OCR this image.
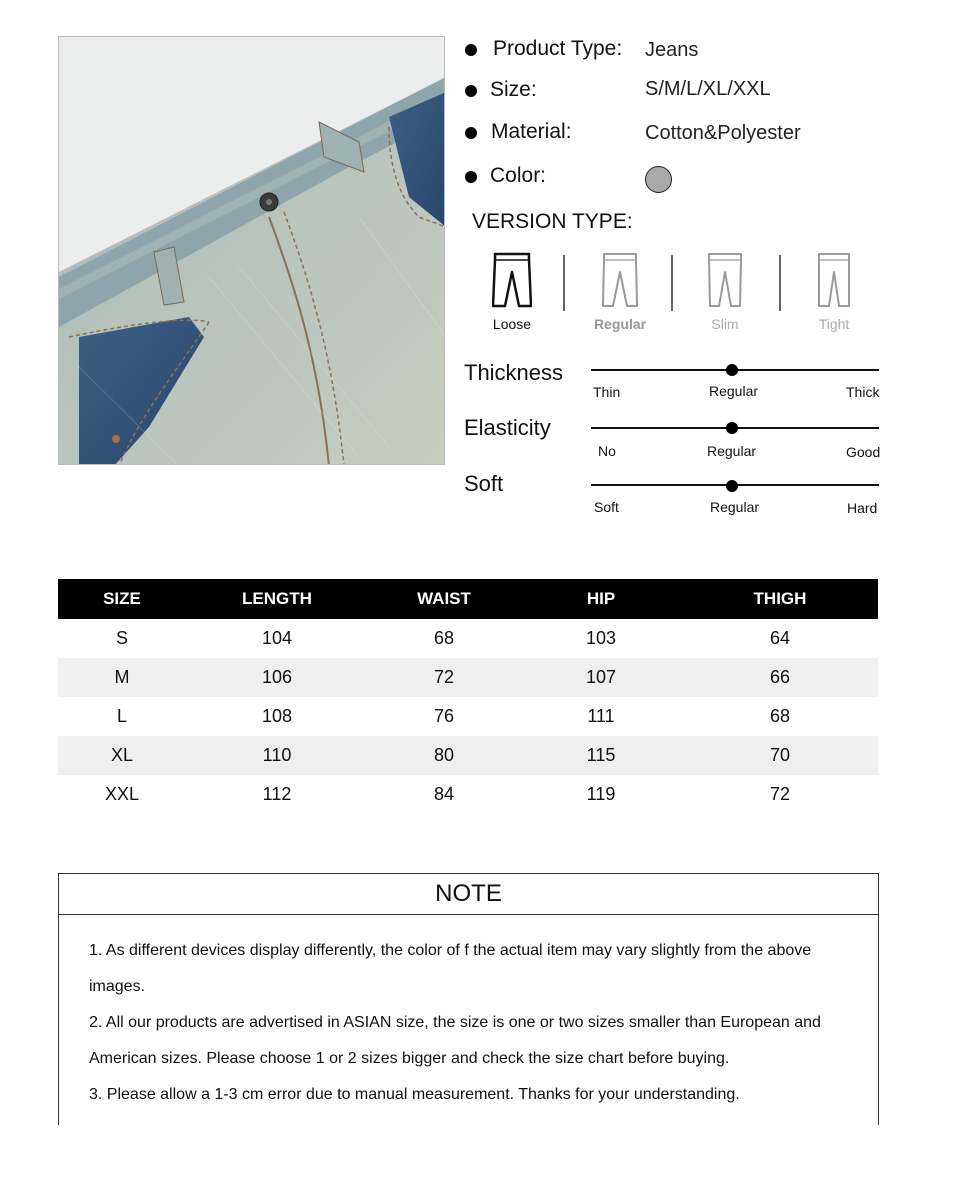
Product Type: Jeans
Size:	S/M/L/XL/XXL
Material:	Cotton&Polyester
Color:
VERSION TYPE:
Loose	Regular	Slim	Tight
Thickness
Thin	Regular	Thick
Elasticity
No	Regular	Good
Soft
Soft	Regular	Hard
SIZE	LENGTH	WAIST	HIP	THIGH
S	104	68	103	64
M	106	72	107	66
L	108	76	111	68
XL	110	80	115	70
XXL	112	84	119	72
NOTE

1. As different devices display differently, the color of f the actual item may vary slightly from the above images.

2. All our products are advertised in ASIAN size, the size is one or two sizes smaller than European and American sizes. Please choose 1 or 2 sizes bigger and check the size chart before buying.

3. Please allow a 1-3 cm error due to manual measurement. Thanks for your understanding.
